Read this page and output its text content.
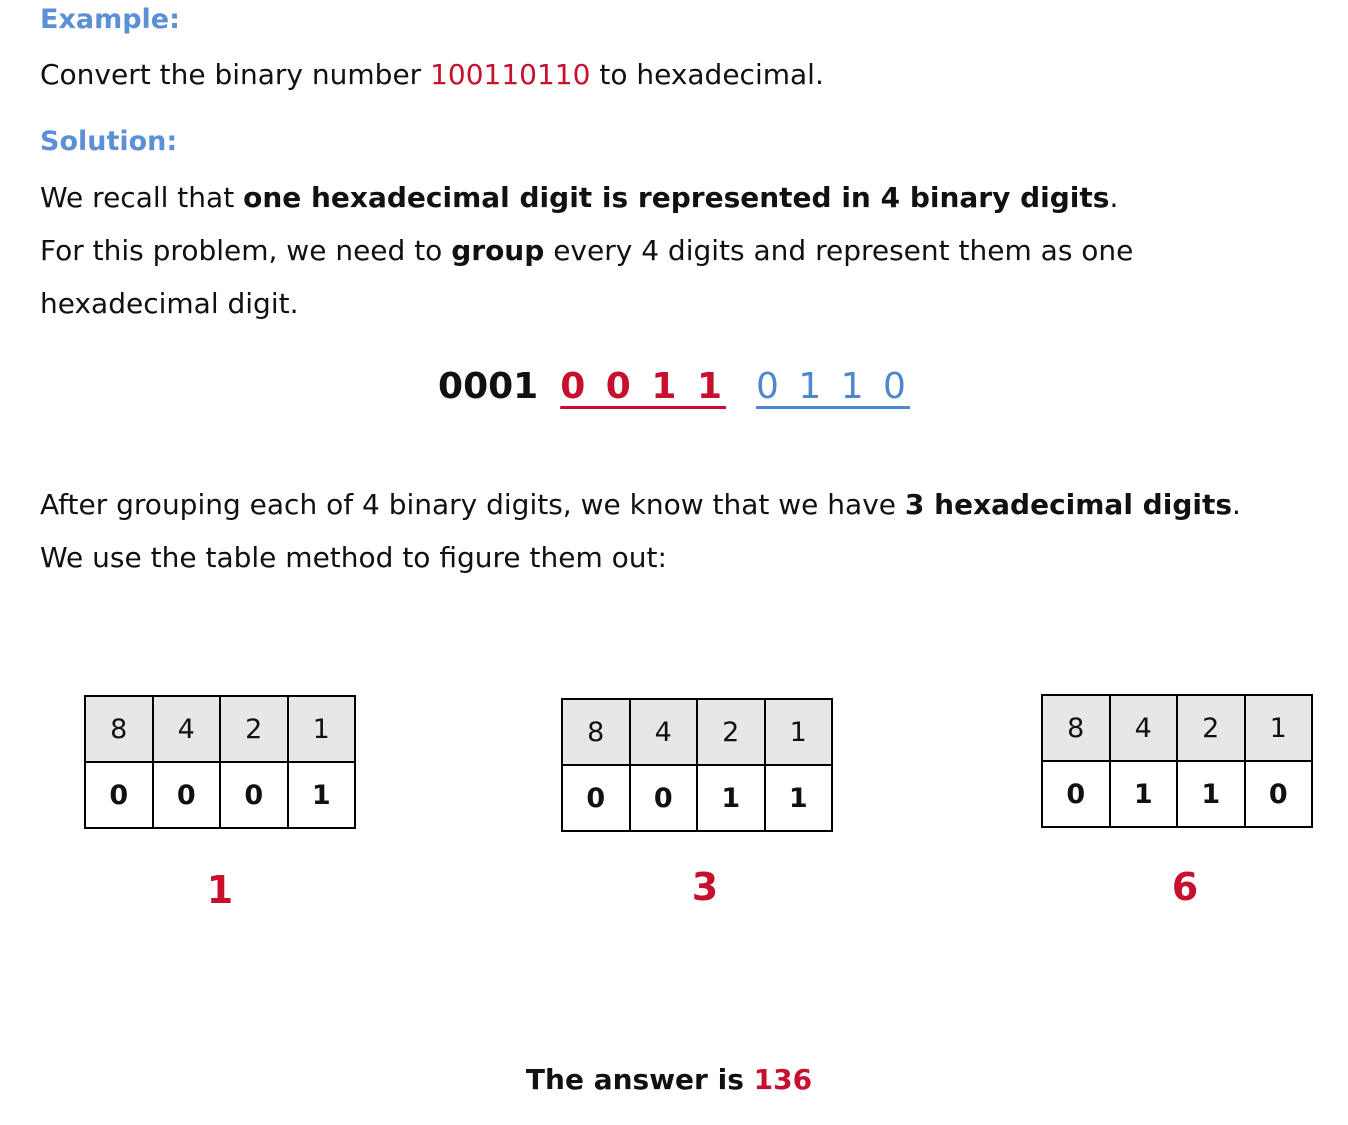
Example:
Convert the binary number 100110110 to hexadecimal.
Solution:
We recall that one hexadecimal digit is represented in 4 binary digits.
For this problem, we need to group every 4 digits and represent them as one hexadecimal digit.
0001 0 0 1 1 0 1 1 0
After grouping each of 4 binary digits, we know that we have 3 hexadecimal digits.
We use the table method to figure them out:
8	4	2	1
0	0	0	1
1
8	4	2	1
0	0	1	1
3
8	4	2	1
0	1	1	0
6
The answer is 136
